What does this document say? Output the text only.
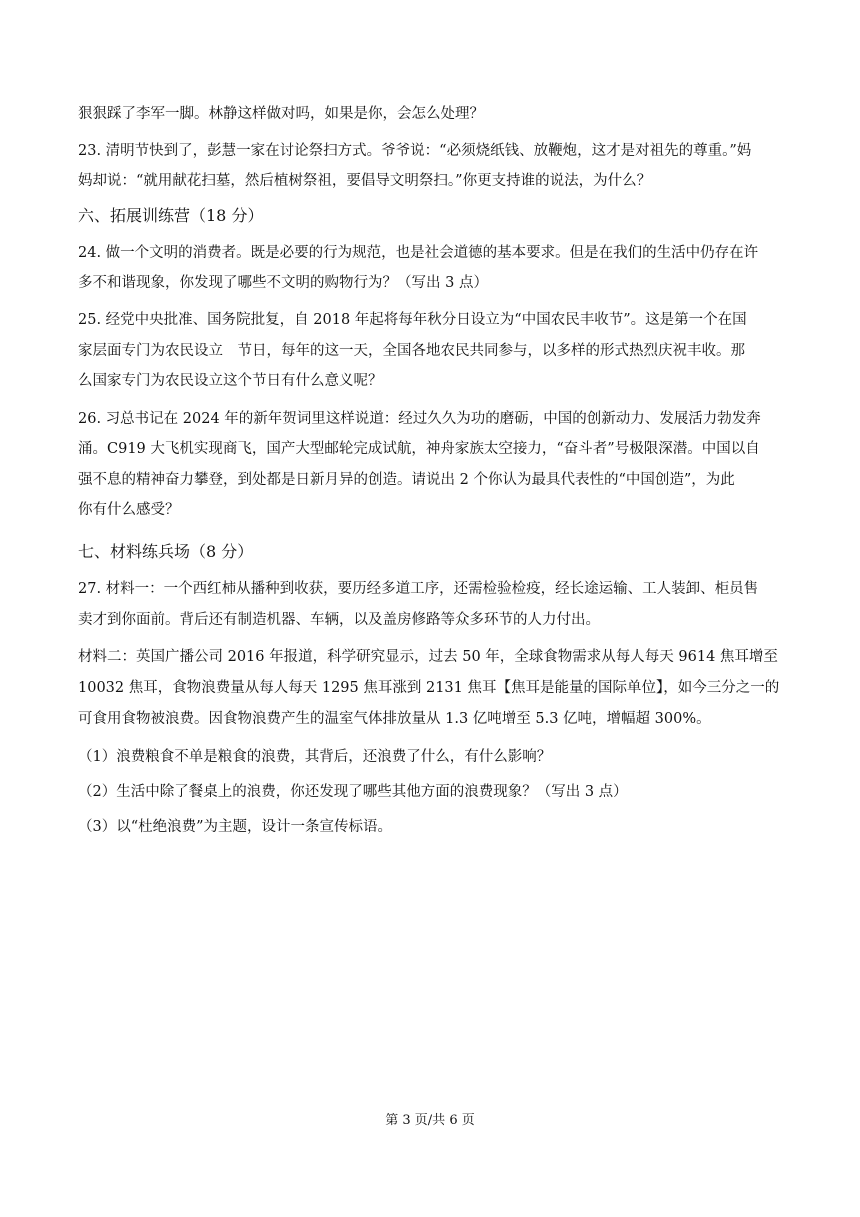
狠狠踩了李军一脚。林静这样做对吗，如果是你，会怎么处理？
23. 清明节快到了，彭慧一家在讨论祭扫方式。爷爷说：“必须烧纸钱、放鞭炮，这才是对祖先的尊重。”妈
妈却说：“就用献花扫墓，然后植树祭祖，要倡导文明祭扫。”你更支持谁的说法，为什么？
六、拓展训练营（18 分）
24. 做一个文明的消费者。既是必要的行为规范，也是社会道德的基本要求。但是在我们的生活中仍存在许
多不和谐现象，你发现了哪些不文明的购物行为？（写出 3 点）
25. 经党中央批准、国务院批复，自 2018 年起将每年秋分日设立为“中国农民丰收节”。这是第一个在国
家层面专门为农民设立　节日，每年的这一天，全国各地农民共同参与，以多样的形式热烈庆祝丰收。那
么国家专门为农民设立这个节日有什么意义呢？
26. 习总书记在 2024 年的新年贺词里这样说道：经过久久为功的磨砺，中国的创新动力、发展活力勃发奔
涌。C919 大飞机实现商飞，国产大型邮轮完成试航，神舟家族太空接力，“奋斗者”号极限深潜。中国以自
强不息的精神奋力攀登，到处都是日新月异的创造。请说出 2 个你认为最具代表性的“中国创造”，为此
你有什么感受？
七、材料练兵场（8 分）
27. 材料一：一个西红柿从播种到收获，要历经多道工序，还需检验检疫，经长途运输、工人装卸、柜员售
卖才到你面前。背后还有制造机器、车辆，以及盖房修路等众多环节的人力付出。
材料二：英国广播公司 2016 年报道，科学研究显示，过去 50 年，全球食物需求从每人每天 9614 焦耳增至
10032 焦耳，食物浪费量从每人每天 1295 焦耳涨到 2131 焦耳【焦耳是能量的国际单位】，如今三分之一的
可食用食物被浪费。因食物浪费产生的温室气体排放量从 1.3 亿吨增至 5.3 亿吨，增幅超 300%。
（1）浪费粮食不单是粮食的浪费，其背后，还浪费了什么，有什么影响？
（2）生活中除了餐桌上的浪费，你还发现了哪些其他方面的浪费现象？（写出 3 点）
（3）以“杜绝浪费”为主题，设计一条宣传标语。
第 3 页/共 6 页
